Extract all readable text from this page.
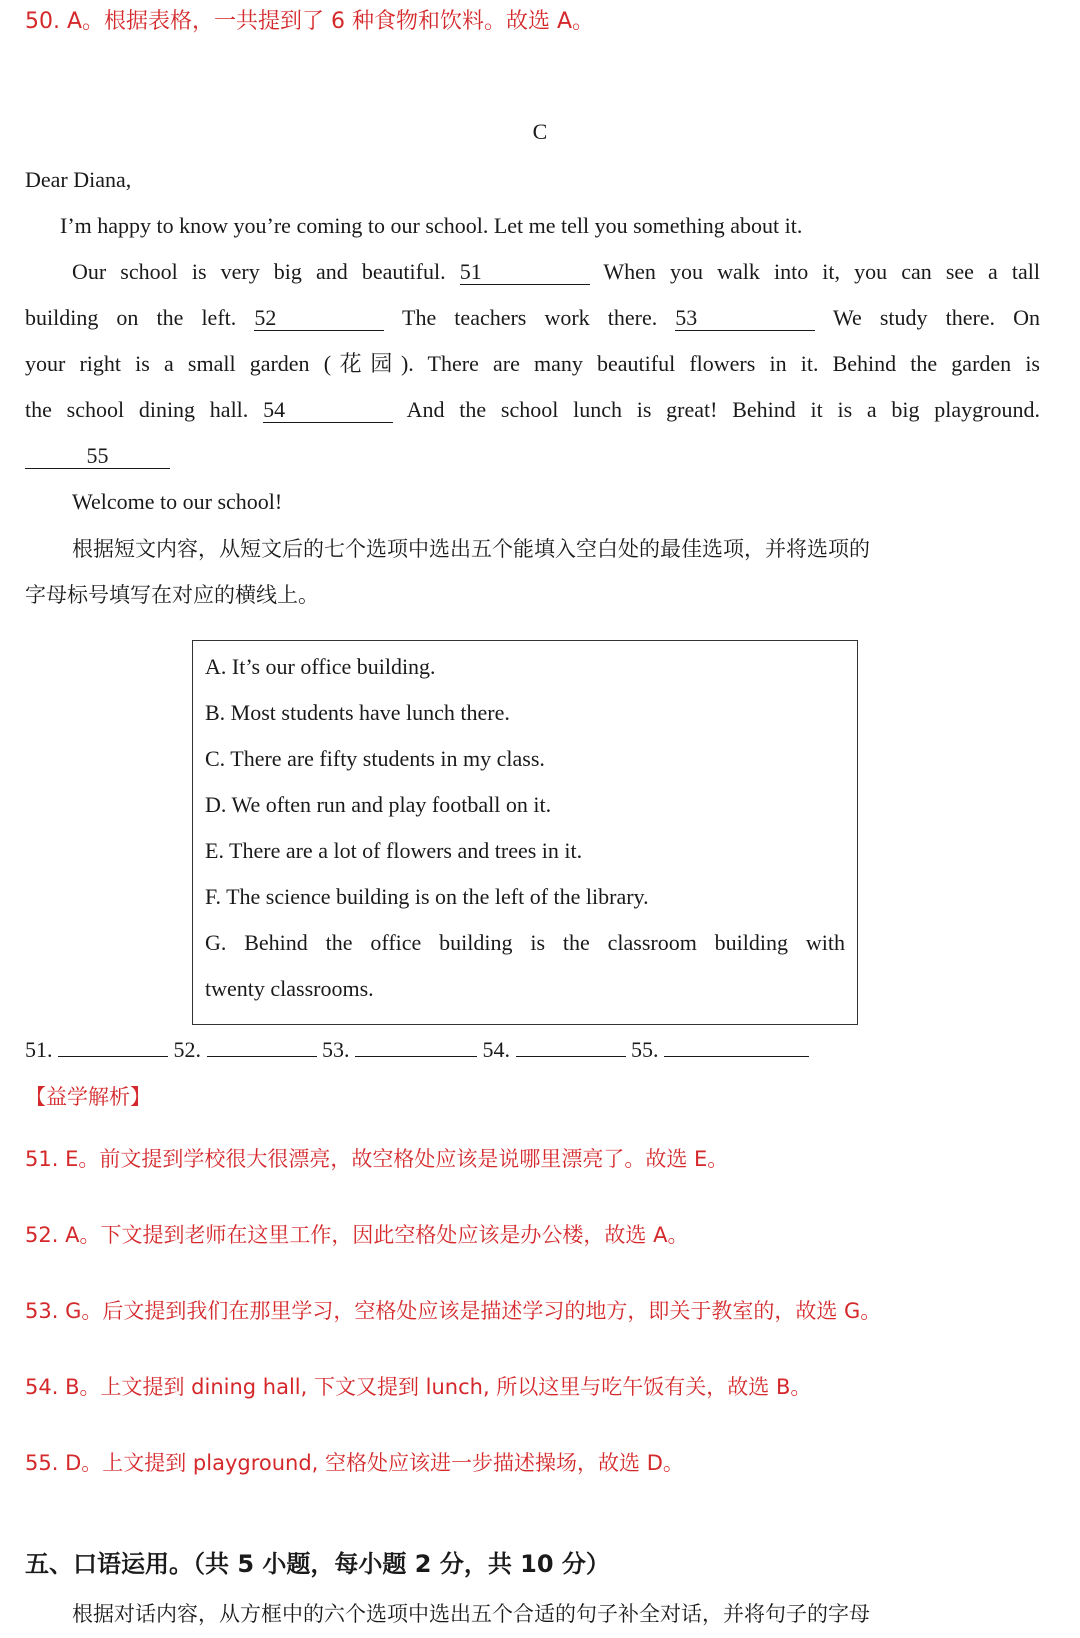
50. A。根据表格，一共提到了 6 种食物和饮料。故选 A。
C
Dear Diana,
I’m happy to know you’re coming to our school. Let me tell you something about it.
Our school is very big and beautiful. 51	When you walk into it, you can see a tall
building on the left. 52	The teachers work there. 53	We study there. On
your right is a small garden (花园). There are many beautiful flowers in it. Behind the garden is
the school dining hall. 54	And the school lunch is great! Behind it is a big playground.
55
Welcome to our school!
根据短文内容，从短文后的七个选项中选出五个能填入空白处的最佳选项，并将选项的
字母标号填写在对应的横线上。
A. It’s our office building.
B. Most students have lunch there.
C. There are fifty students in my class.
D. We often run and play football on it.
E. There are a lot of flowers and trees in it.
F. The science building is on the left of the library.
G. Behind the office building is the classroom building with
twenty classrooms.
51.	52.	53.	54.	55.
【益学解析】
51. E。前文提到学校很大很漂亮，故空格处应该是说哪里漂亮了。故选 E。
52. A。下文提到老师在这里工作，因此空格处应该是办公楼，故选 A。
53. G。后文提到我们在那里学习，空格处应该是描述学习的地方，即关于教室的，故选 G。
54. B。上文提到 dining hall, 下文又提到 lunch, 所以这里与吃午饭有关，故选 B。
55. D。上文提到 playground, 空格处应该进一步描述操场，故选 D。
五、口语运用。（共 5 小题，每小题 2 分，共 10 分）
根据对话内容，从方框中的六个选项中选出五个合适的句子补全对话，并将句子的字母
